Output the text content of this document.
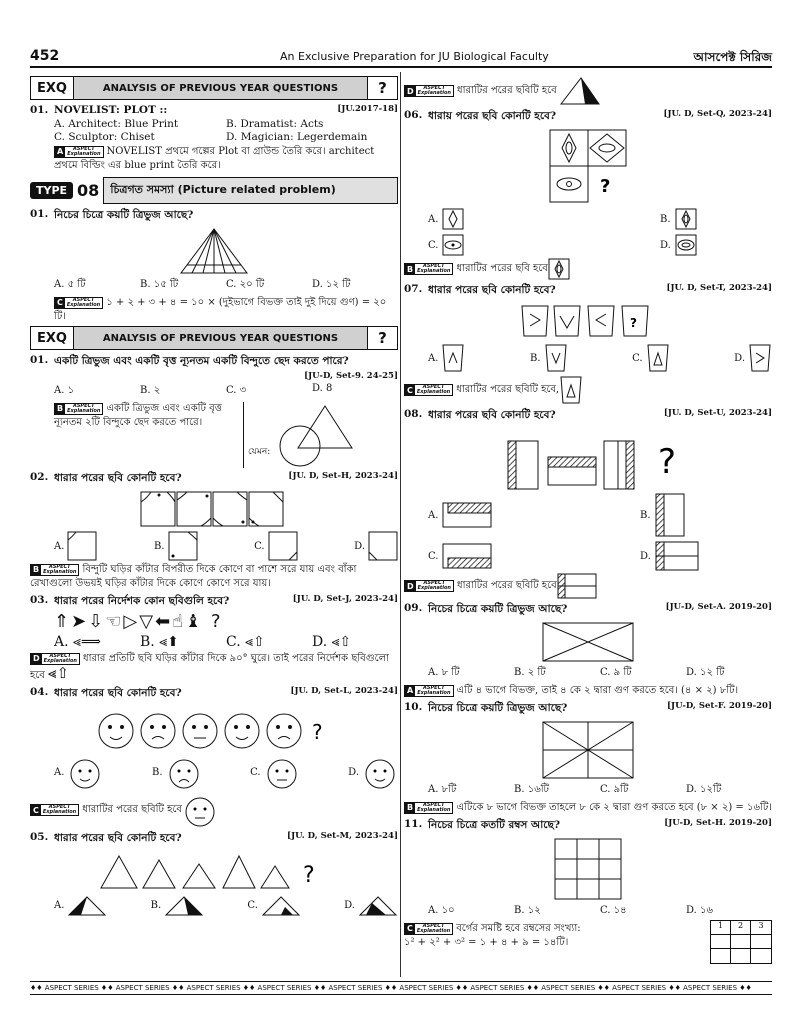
452	An Exclusive Preparation for JU Biological Faculty	আসপেক্ট সিরিজ
EXQ	ANALYSIS OF PREVIOUS YEAR QUESTIONS	?
01. NOVELIST: PLOT ::	[JU.2017-18]
A. Architect: Blue Print	B. Dramatist: Acts
C. Sculptor: Chiset	D. Magician: Legerdemain
A	ASPECT
Explanation NOVELIST প্রথমে গল্পের Plot বা গ্রাউন্ড তৈরি করে। architect প্রথমে বিল্ডিং এর blue print তৈরি করে।
TYPE 08	চিত্রগত সমস্যা (Picture related problem)
01. নিচের চিত্রে কয়টি ত্রিভুজ আছে?
A. ৫ টি	B. ১৫ টি	C. ২০ টি	D. ১২ টি
C	ASPECT
Explanation ১ + ২ + ৩ + ৪ = ১০ × (দুইভাগে বিভক্ত তাই দুই দিয়ে গুণ) = ২০ টি।
EXQ	ANALYSIS OF PREVIOUS YEAR QUESTIONS	?
01. একটি ত্রিভুজ এবং একটি বৃত্ত ন্যূনতম একটি বিন্দুতে ছেদ করতে পারে?
[JU-D, Set-9. 24-25]
A. ১	B. ২	C. ৩	D. 8
B	ASPECT
Explanation একটি ত্রিভুজ এবং একটি বৃত্ত ন্যূনতম ২টি বিন্দুকে ছেদ করতে পারে।
যেমন:
02. ধারার পরের ছবি কোনটি হবে?	[JU. D, Set-H, 2023-24]
A.	B.	C.	D.
B	ASPECT
Explanation বিন্দুটি ঘড়ির কাঁটার বিপরীত দিকে কোণে বা পাশে সরে যায় এবং বাঁকা রেখাগুলো উভয়ই ঘড়ির কাঁটার দিকে কোণে কোণে সরে যায়।
03. ধারার পরের নির্দেশক কোন ছবিগুলি হবে?	[JU. D, Set-J, 2023-24]
⇑➤⇩☜▷▽⬅☝♝ ?
A. ⪡⟹	B. ⪡⬆	C. ⪡⇧	D. ⪡⇧
D	ASPECT
Explanation ধারার প্রতিটি ছবি ঘড়ির কাঁটার দিকে ৯০° ঘুরে। তাই পরের নির্দেশক ছবিগুলো হবে ⪡⇧
04. ধারার পরের ছবি কোনটি হবে?	[JU. D, Set-L, 2023-24]
?
A.	B.	C.	D.
C	ASPECT
Explanation ধারাটির পরের ছবিটি হবে
05. ধারার পরের ছবি কোনটি হবে?	[JU. D, Set-M, 2023-24]
?
A.	B.	C.	D.
D	ASPECT
Explanation ধারাটির পরের ছবিটি হবে
06. ধারায় পরের ছবি কোনটি হবে?	[JU. D, Set-Q, 2023-24]
?
A.	B.
C.	D.
B	ASPECT
Explanation ধারাটির পরের ছবি হবে
07. ধারার পরের ছবি কোনটি হবে?	[JU. D, Set-T, 2023-24]
?
A.	B.	C.	D.
C	ASPECT
Explanation ধারাটির পরের ছবিটি হবে,
08. ধারার পরের ছবি কোনটি হবে?	[JU. D, Set-U, 2023-24]
?
A.	B.
C.	D.
D	ASPECT
Explanation ধারাটির পরের ছবিটি হবে
09. নিচের চিত্রে কয়টি ত্রিভুজ আছে?	[JU-D, Set-A. 2019-20]
A. ৮ টি	B. ২ টি	C. ৯ টি	D. ১২ টি
A	ASPECT
Explanation এটি ৪ ভাগে বিভক্ত, তাই ৪ কে ২ দ্বারা গুণ করতে হবে। (৪ × ২) ৮টি।
10. নিচের চিত্রে কয়টি ত্রিভুজ আছে?	[JU-D, Set-F. 2019-20]
A. ৮টি	B. ১৬টি	C. ৯টি	D. ১২টি
B	ASPECT
Explanation এটিকে ৮ ভাগে বিভক্ত তাহলে ৮ কে ২ দ্বারা গুণ করতে হবে (৮ × ২) = ১৬টি।
11. নিচের চিত্রে কতটি রম্বস আছে?	[JU-D, Set-H. 2019-20]
A. ১০	B. ১২	C. ১৪	D. ১৬
C	ASPECT
Explanation বর্গের সমষ্টি হবে রম্বসের সংখ্যা:
১² + ২² + ৩² = ১ + ৪ + ৯ = ১৪টি।
1	2	3
♦♦ ASPECT SERIES ♦♦ ASPECT SERIES ♦♦ ASPECT SERIES ♦♦ ASPECT SERIES ♦♦ ASPECT SERIES ♦♦ ASPECT SERIES ♦♦ ASPECT SERIES ♦♦ ASPECT SERIES ♦♦ ASPECT SERIES ♦♦ ASPECT SERIES ♦♦
